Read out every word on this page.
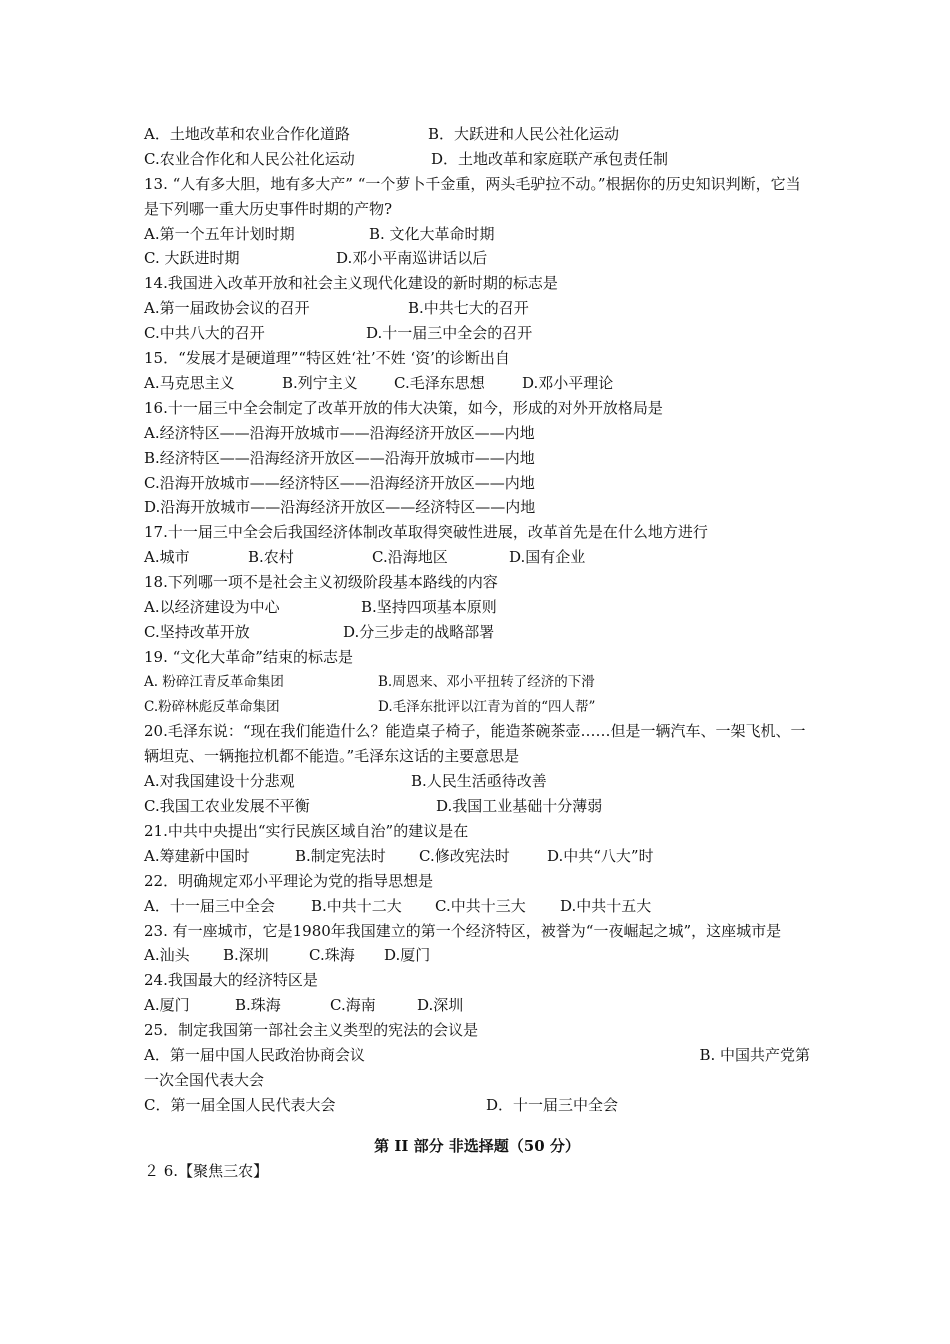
A．土地改革和农业合作化道路	B．大跃进和人民公社化运动
C.农业合作化和人民公社化运动	D．土地改革和家庭联产承包责任制
13. “人有多大胆，地有多大产” “一个萝卜千金重，两头毛驴拉不动。”根据你的历史知识判断，它当是下列哪一重大历史事件时期的产物?
A.第一个五年计划时期	B. 文化大革命时期
C. 大跃进时期	D.邓小平南巡讲话以后
14.我国进入改革开放和社会主义现代化建设的新时期的标志是
A.第一届政协会议的召开	B.中共七大的召开
C.中共八大的召开	D.十一届三中全会的召开
15．“发展才是硬道理”“特区姓‘社’不姓 ‘资’的诊断出自
A.马克思主义	B.列宁主义 C.毛泽东思想 D.邓小平理论
16.十一届三中全会制定了改革开放的伟大决策，如今，形成的对外开放格局是
A.经济特区——沿海开放城市——沿海经济开放区——内地
B.经济特区——沿海经济开放区——沿海开放城市——内地
C.沿海开放城市——经济特区——沿海经济开放区——内地
D.沿海开放城市——沿海经济开放区——经济特区——内地
17.十一届三中全会后我国经济体制改革取得突破性进展，改革首先是在什么地方进行
A.城市	B.农村	C.沿海地区	D.国有企业
18.下列哪一项不是社会主义初级阶段基本路线的内容
A.以经济建设为中心	B.坚持四项基本原则
C.坚持改革开放	D.分三步走的战略部署
19. “文化大革命”结束的标志是
A. 粉碎江青反革命集团	B.周恩来、邓小平扭转了经济的下滑
C.粉碎林彪反革命集团	D.毛泽东批评以江青为首的“四人帮”
20.毛泽东说：“现在我们能造什么？能造桌子椅子，能造茶碗茶壶……但是一辆汽车、一架飞机、一辆坦克、一辆拖拉机都不能造。”毛泽东这话的主要意思是
A.对我国建设十分悲观	B.人民生活亟待改善
C.我国工农业发展不平衡	D.我国工业基础十分薄弱
21.中共中央提出“实行民族区域自治”的建议是在
A.筹建新中国时	B.制定宪法时 C.修改宪法时 D.中共“八大”时
22．明确规定邓小平理论为党的指导思想是
A．十一届三中全会 B.中共十二大 C.中共十三大 D.中共十五大
23. 有一座城市，它是1980年我国建立的第一个经济特区，被誉为“一夜崛起之城”，这座城市是
A.汕头 B.深圳	C.珠海 D.厦门
24.我国最大的经济特区是
A.厦门	B.珠海	C.海南	D.深圳
25．制定我国第一部社会主义类型的宪法的会议是
A．第一届中国人民政治协商会议	B. 中国共产党第
一次全国代表大会
C．第一届全国人民代表大会	D．十一届三中全会
第 II 部分 非选择题（50 分）
２ 6.【聚焦三农】
